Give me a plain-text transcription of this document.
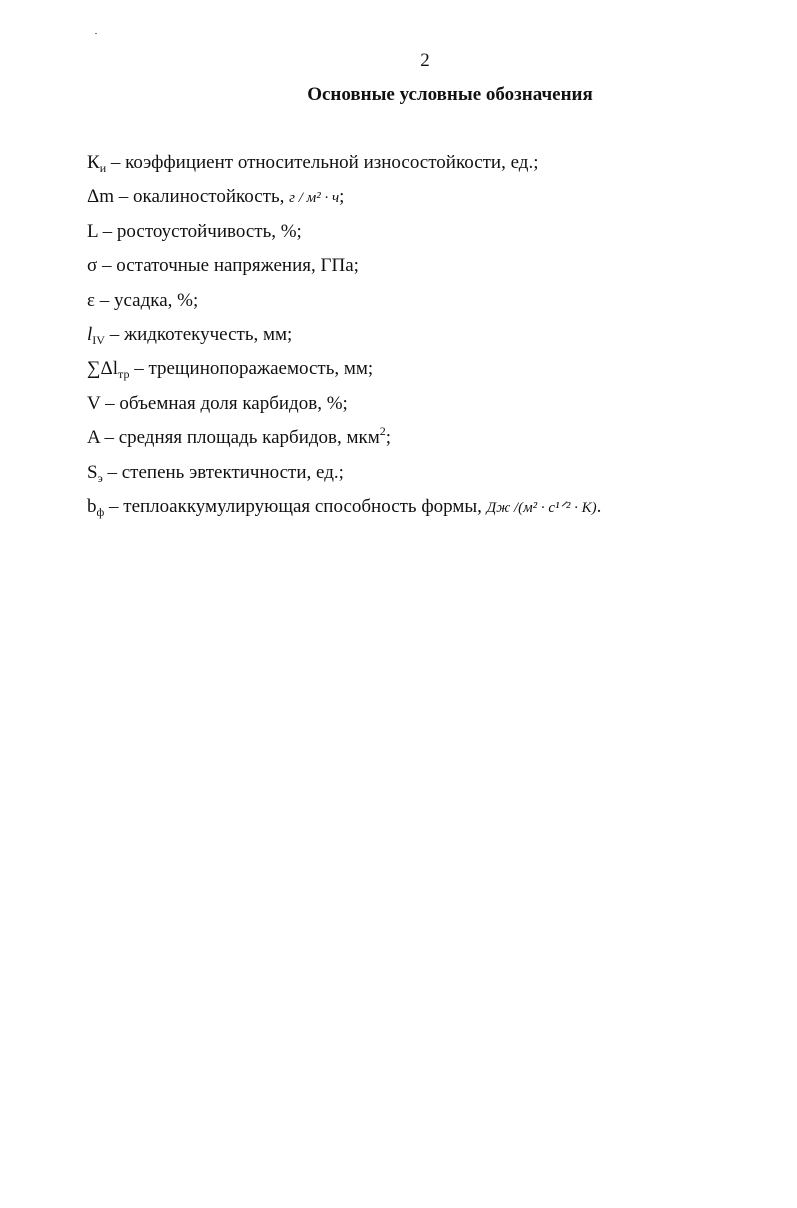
2
Основные условные обозначения
$К_и$ – коэффициент относительной износостойкости, ед.;
Δm – окалиностойкость, г / м² · ч;
L – ростоустойчивость, %;
σ – остаточные напряжения, ГПа;
ε – усадка, %;
$l_{IV}$ – жидкотекучесть, мм;
$\sum\Delta l_{тр}$ – трещинопоражаемость, мм;
V – объемная доля карбидов, %;
A – средняя площадь карбидов, мкм$^2$;
$S_э$ – степень эвтектичности, ед.;
$b_ф$ – теплоаккумулирующая способность формы, Дж /(м² · с¹ᐟ² · К).
